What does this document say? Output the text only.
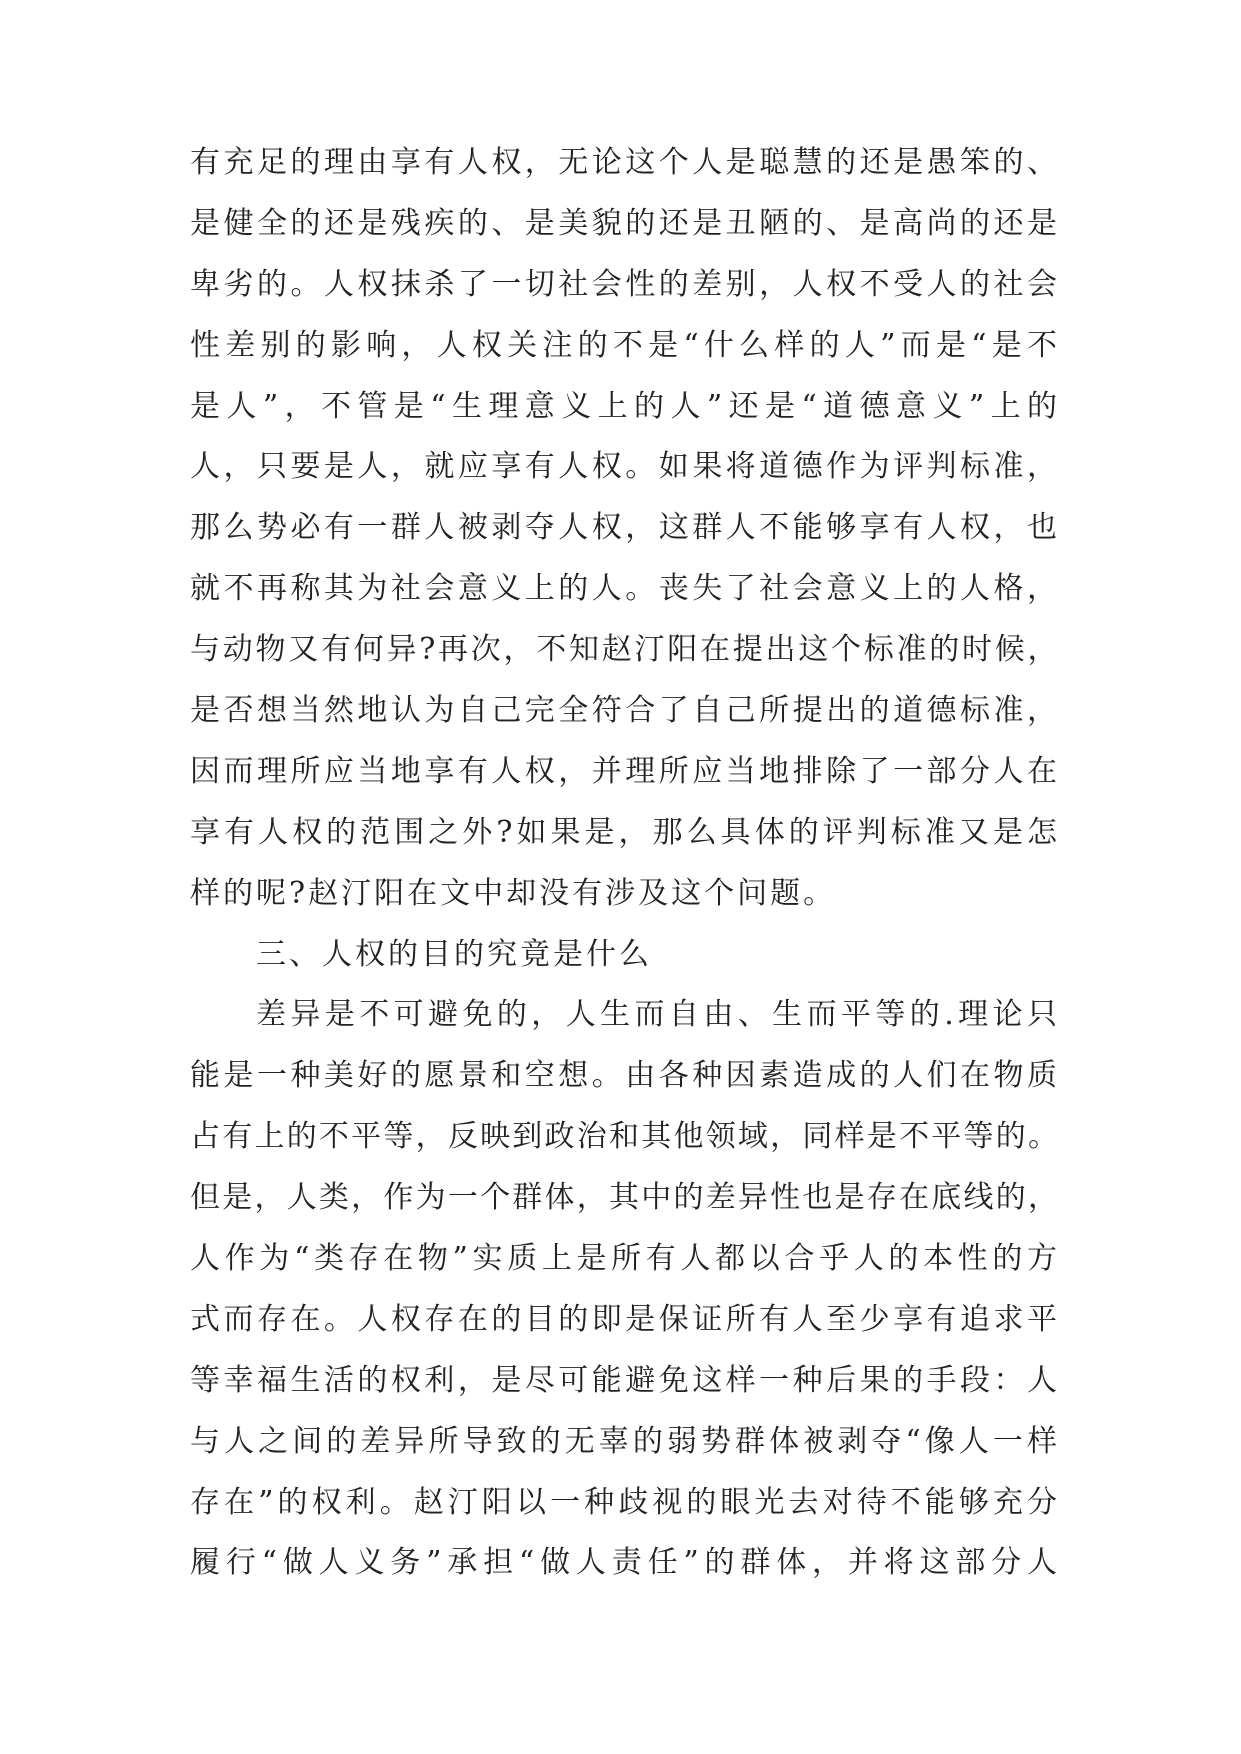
有充足的理由享有人权，无论这个人是聪慧的还是愚笨的、
是健全的还是残疾的、是美貌的还是丑陋的、是高尚的还是
卑劣的。人权抹杀了一切社会性的差别，人权不受人的社会
性差别的影响，人权关注的不是“什么样的人”而是“是不
是人”，不管是“生理意义上的人”还是“道德意义”上的
人，只要是人，就应享有人权。如果将道德作为评判标准，
那么势必有一群人被剥夺人权，这群人不能够享有人权，也
就不再称其为社会意义上的人。丧失了社会意义上的人格，
与动物又有何异?再次，不知赵汀阳在提出这个标准的时候，
是否想当然地认为自己完全符合了自己所提出的道德标准，
因而理所应当地享有人权，并理所应当地排除了一部分人在
享有人权的范围之外?如果是，那么具体的评判标准又是怎
样的呢?赵汀阳在文中却没有涉及这个问题。
三、人权的目的究竟是什么
差异是不可避免的，人生而自由、生而平等的.理论只
能是一种美好的愿景和空想。由各种因素造成的人们在物质
占有上的不平等，反映到政治和其他领域，同样是不平等的。
但是，人类，作为一个群体，其中的差异性也是存在底线的，
人作为“类存在物”实质上是所有人都以合乎人的本性的方
式而存在。人权存在的目的即是保证所有人至少享有追求平
等幸福生活的权利，是尽可能避免这样一种后果的手段：人
与人之间的差异所导致的无辜的弱势群体被剥夺“像人一样
存在”的权利。赵汀阳以一种歧视的眼光去对待不能够充分
履行“做人义务”承担“做人责任”的群体，并将这部分人
